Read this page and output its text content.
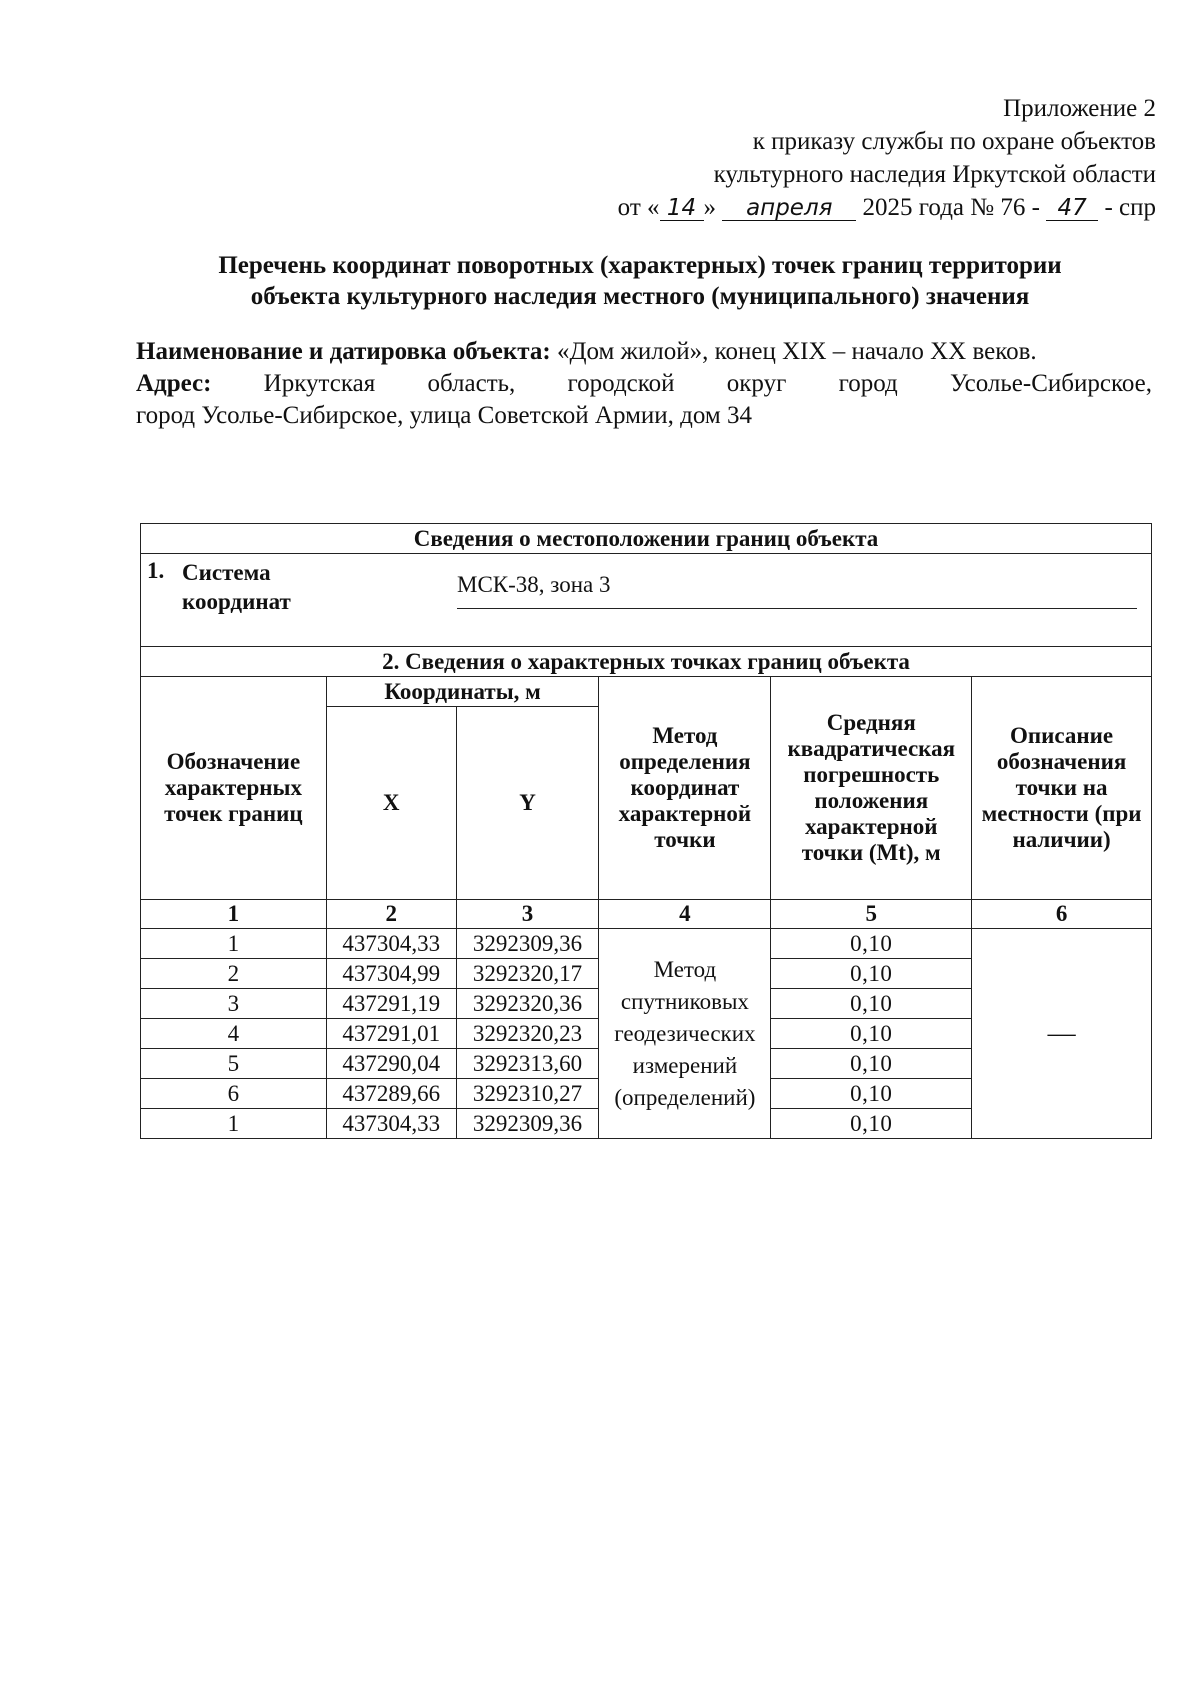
Приложение 2
к приказу службы по охране объектов
культурного наследия Иркутской области
от « 14 » апреля 2025 года № 76 - 47 - спр
Перечень координат поворотных (характерных) точек границ территории
объекта культурного наследия местного (муниципального) значения
Наименование и датировка объекта: «Дом жилой», конец XIX – начало XX веков.
Адрес: Иркутская область, городской округ город Усолье-Сибирское,
город Усолье-Сибирское, улица Советской Армии, дом 34
Сведения о местоположении границ объекта					

1. Система
координат
МСК-38, зона 3					

2. Сведения о характерных точках границ объекта					
Обозначение характерных точек границ	Координаты, м		Метод определения координат характерной точки	Средняя квадратическая погрешность положения характерной точки (Mt), м	Описание обозначения точки на местности (при наличии)
	X	Y			
1	2	3	4	5	6
1	437304,33	3292309,36	Метод спутниковых геодезических измерений (определений)	0,10	—
2	437304,99	3292320,17		0,10	
3	437291,19	3292320,36		0,10	
4	437291,01	3292320,23		0,10	
5	437290,04	3292313,60		0,10	
6	437289,66	3292310,27		0,10	
1	437304,33	3292309,36		0,10	
